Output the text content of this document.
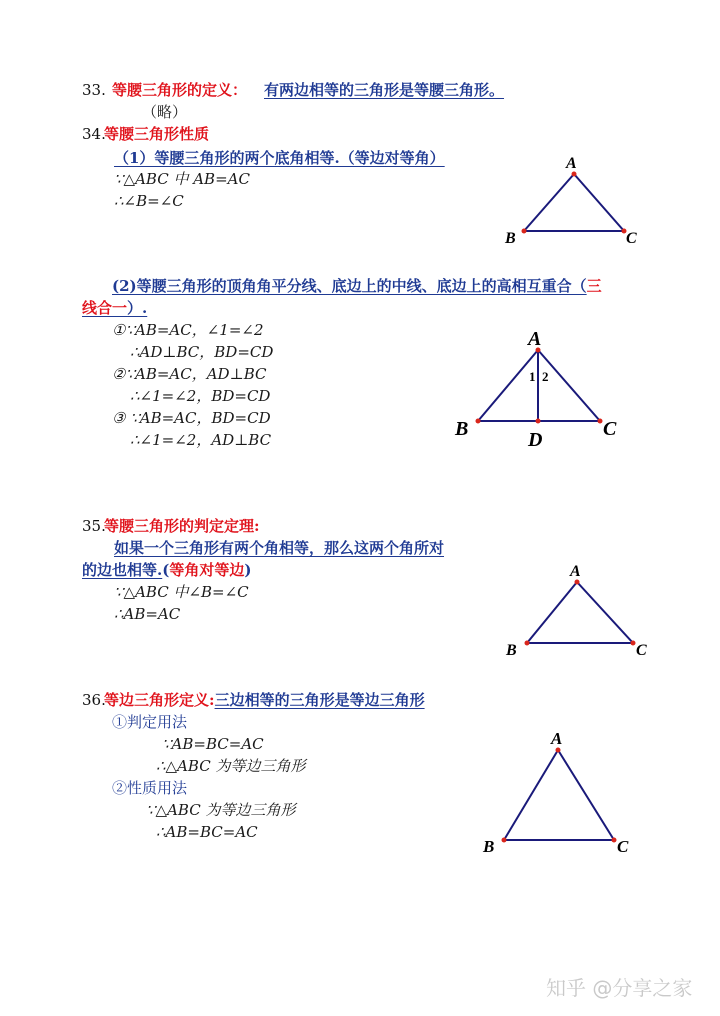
33. 等腰三角形的定义： 有两边相等的三角形是等腰三角形。
（略）
34.
等腰三角形性质
（1）等腰三角形的两个底角相等.（等边对等角）
∵△ABC 中 AB=AC
∴∠B=∠C
(2)等腰三角形的顶角角平分线、底边上的中线、底边上的高相互重合（三
线合一）.
①∵AB=AC，∠1=∠2
∴AD⊥BC，BD=CD
②∵AB=AC，AD⊥BC
∴∠1=∠2，BD=CD
③ ∵AB=AC，BD=CD
∴∠1=∠2，AD⊥BC
35.
等腰三角形的判定定理:
如果一个三角形有两个角相等，那么这两个角所对
的边也相等.(等角对等边)
∵△ABC 中∠B=∠C
∴AB=AC
36.
等边三角形定义:三边相等的三角形是等边三角形
①判定用法
∵AB=BC=AC
∴△ABC 为等边三角形
②性质用法
∵△ABC 为等边三角形
∴AB=BC=AC
A
B	C
A
B	C
D
1 2
A
B	C
A
B	C
知乎 @分享之家
